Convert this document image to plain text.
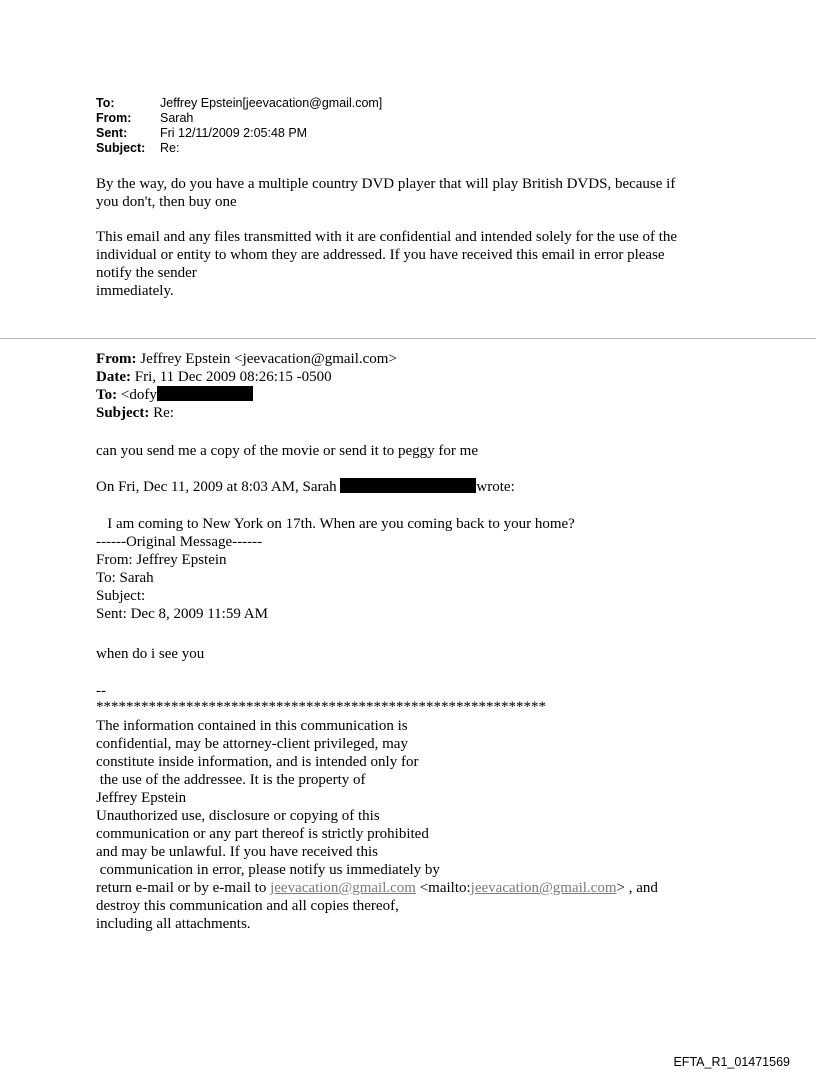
To:	Jeffrey Epstein[jeevacation@gmail.com]
From:	Sarah
Sent:	Fri 12/11/2009 2:05:48 PM
Subject:	Re:

By the way, do you have a multiple country DVD player that will play British DVDS, because if

you don't, then buy one

This email and any files transmitted with it are confidential and intended solely for the use of the

individual or entity to whom they are addressed. If you have received this email in error please

notify the sender

immediately.

From: Jeffrey Epstein <jeevacation@gmail.com>

Date: Fri, 11 Dec 2009 08:26:15 -0500

To: <dofy

Subject: Re:

can you send me a copy of the movie or send it to peggy for me

On Fri, Dec 11, 2009 at 8:03 AM, Sarah	wrote:

I am coming to New York on 17th. When are you coming back to your home?

------Original Message------

From: Jeffrey Epstein

To: Sarah

Subject:

Sent: Dec 8, 2009 11:59 AM

when do i see you

--

************************************************************

The information contained in this communication is

confidential, may be attorney-client privileged, may

constitute inside information, and is intended only for

the use of the addressee. It is the property of

Jeffrey Epstein

Unauthorized use, disclosure or copying of this

communication or any part thereof is strictly prohibited

and may be unlawful. If you have received this

communication in error, please notify us immediately by

return e-mail or by e-mail to jeevacation@gmail.com <mailto:jeevacation@gmail.com> , and

destroy this communication and all copies thereof,

including all attachments.

EFTA_R1_01471569
